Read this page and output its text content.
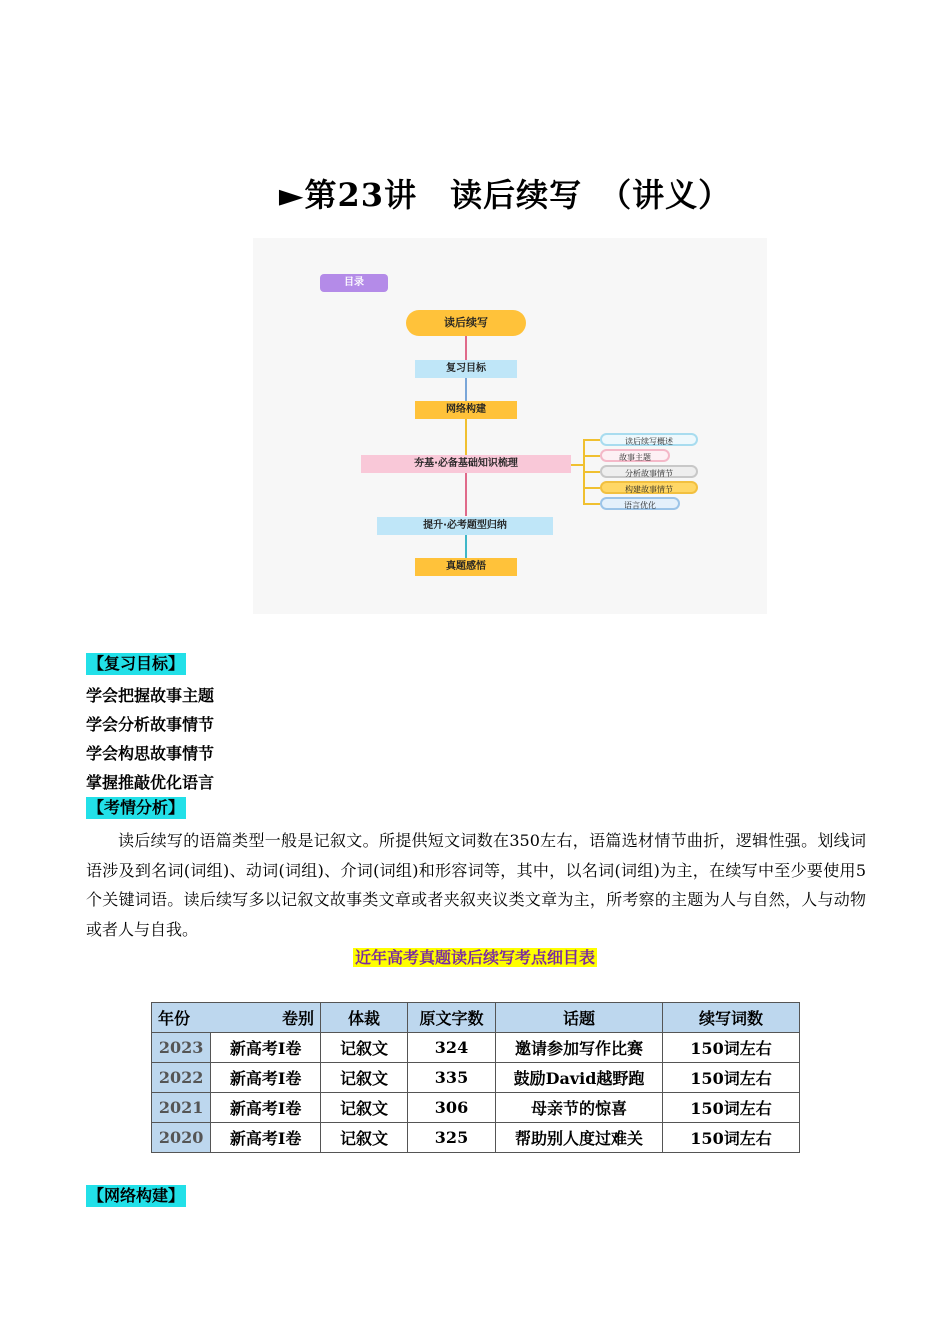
►第23讲　读后续写　（讲义）
目录
读后续写
复习目标
网络构建
夯基·必备基础知识梳理
提升·必考题型归纳
真题感悟
读后续写概述
故事主题
分析故事情节
构建故事情节
语言优化
【复习目标】
学会把握故事主题
学会分析故事情节
学会构思故事情节
掌握推敲优化语言
【考情分析】
读后续写的语篇类型一般是记叙文。所提供短文词数在350左右，语篇选材情节曲折，逻辑性强。划线词语涉及到名词(词组)、动词(词组)、介词(词组)和形容词等，其中，以名词(词组)为主，在续写中至少要使用5个关键词语。读后续写多以记叙文故事类文章或者夹叙夹议类文章为主，所考察的主题为人与自然，人与动物或者人与自我。
近年高考真题读后续写考点细目表
年份 卷别		体裁	原文字数	话题	续写词数
2023	新高考I卷	记叙文	324	邀请参加写作比赛	150词左右
2022	新高考I卷	记叙文	335	鼓励David越野跑	150词左右
2021	新高考I卷	记叙文	306	母亲节的惊喜	150词左右
2020	新高考I卷	记叙文	325	帮助别人度过难关	150词左右
【网络构建】
